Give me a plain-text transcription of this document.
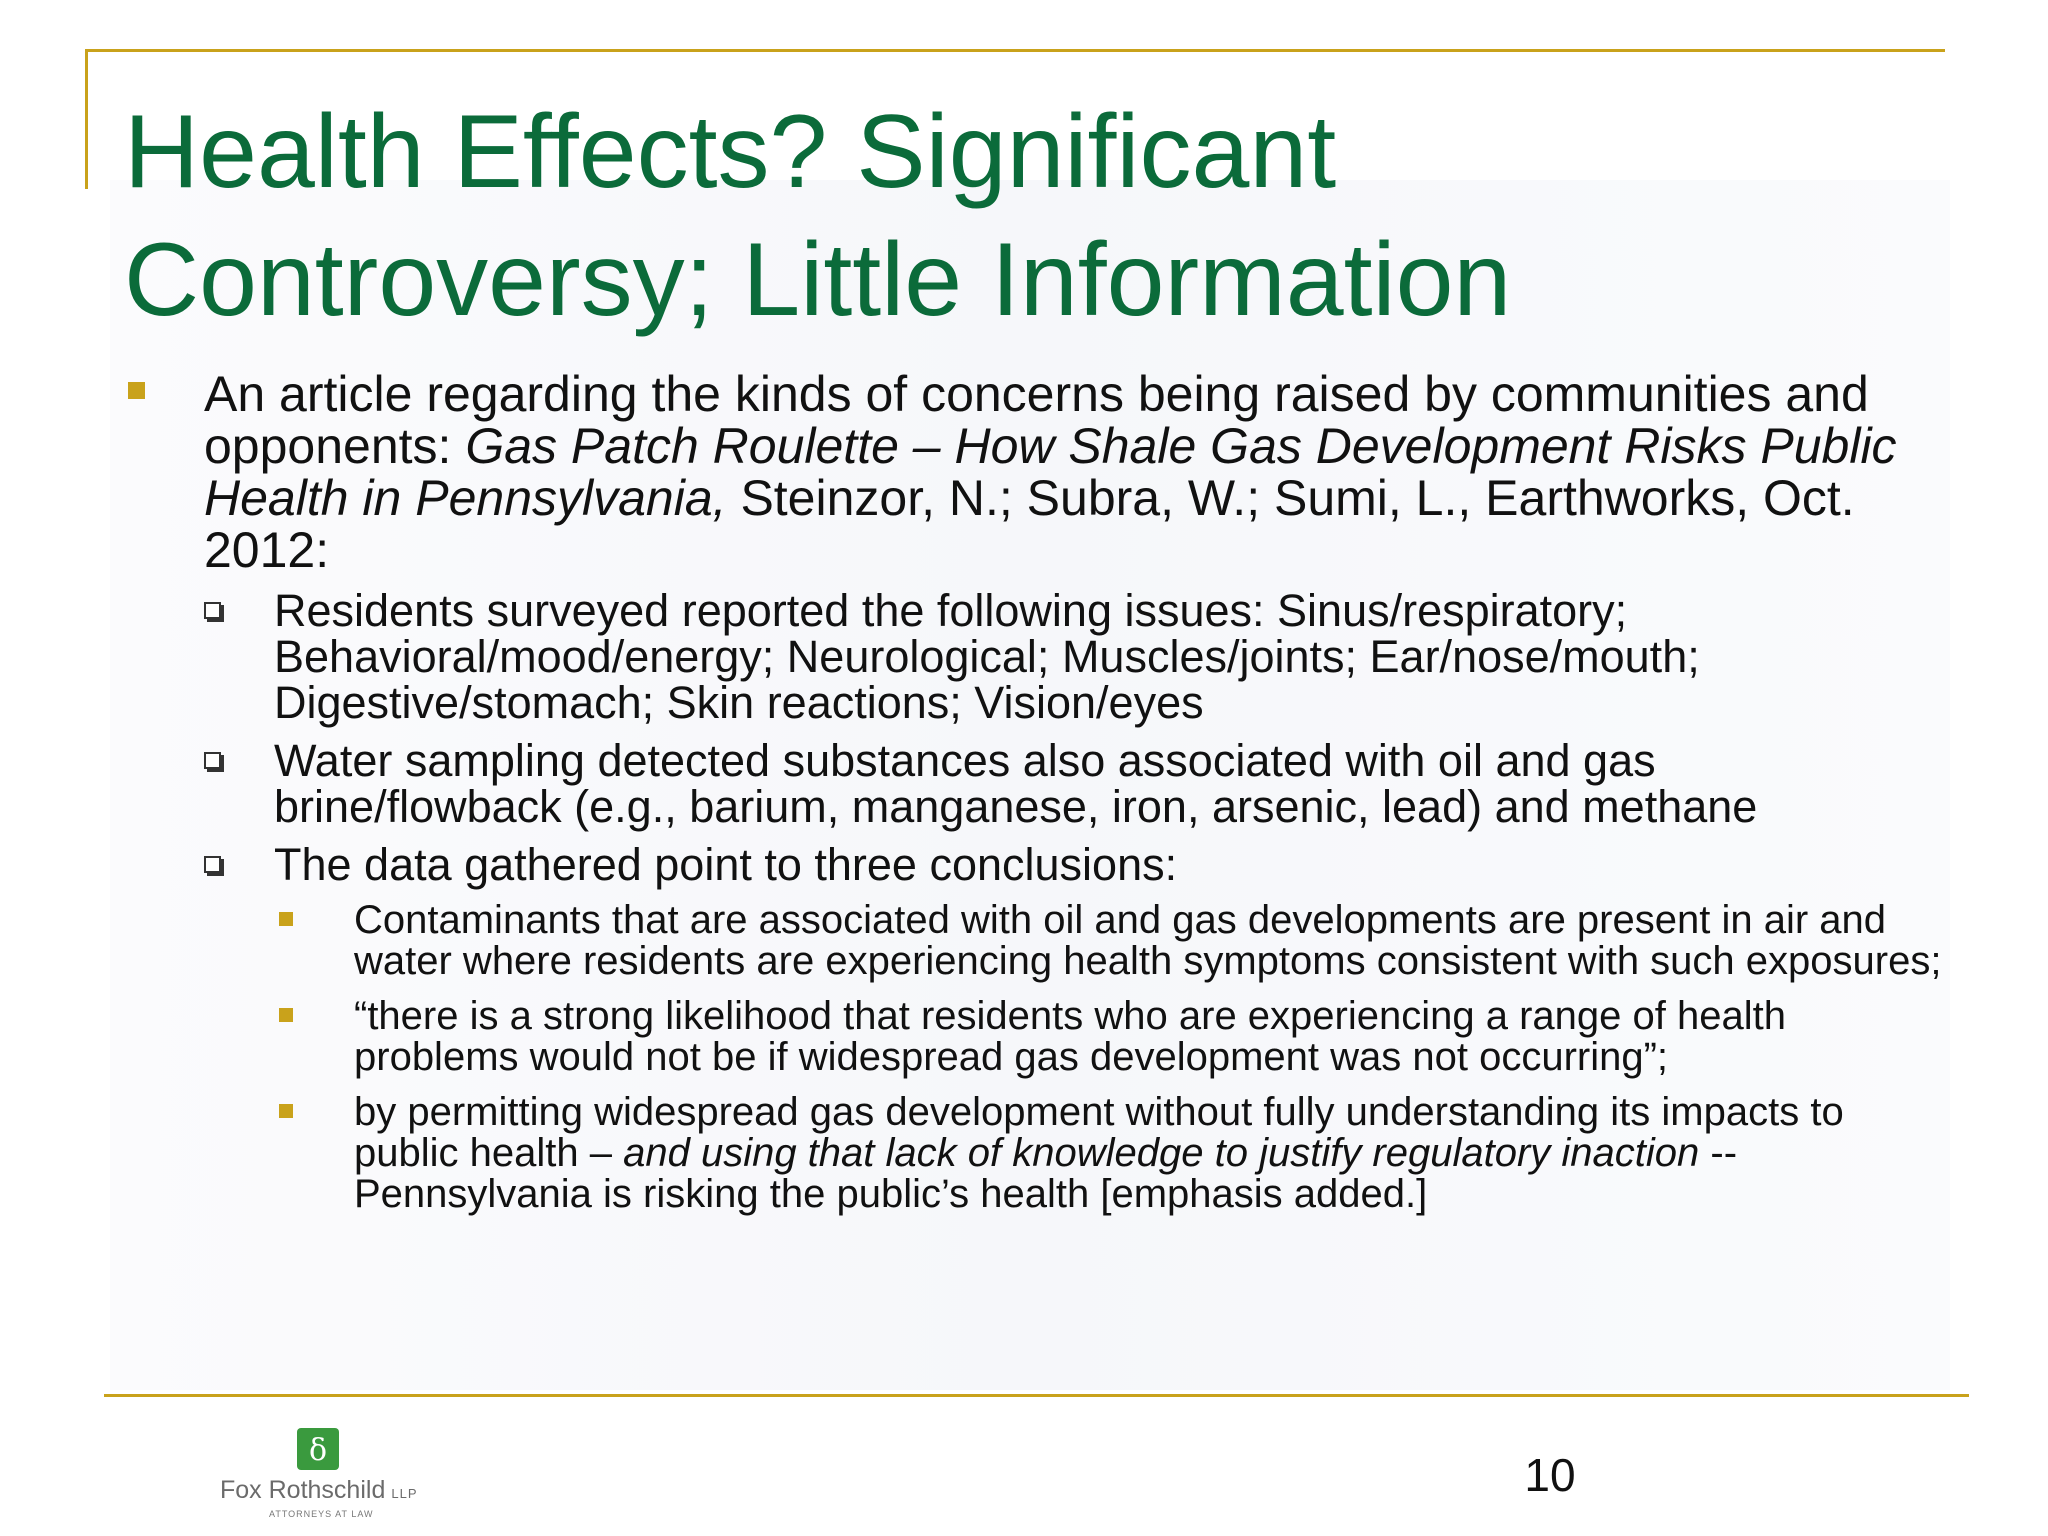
Health Effects? Significant
Controversy; Little Information

An article regarding the kinds of concerns being raised by communities and opponents: Gas Patch Roulette – How Shale Gas Development Risks Public Health in Pennsylvania, Steinzor, N.; Subra, W.; Sumi, L., Earthworks, Oct. 2012:

Residents surveyed reported the following issues: Sinus/respiratory; Behavioral/mood/energy; Neurological; Muscles/joints; Ear/nose/mouth; Digestive/stomach; Skin reactions; Vision/eyes

Water sampling detected substances also associated with oil and gas brine/flowback (e.g., barium, manganese, iron, arsenic, lead) and methane

The data gathered point to three conclusions:

Contaminants that are associated with oil and gas developments are present in air and water where residents are experiencing health symptoms consistent with such exposures;

“there is a strong likelihood that residents who are experiencing a range of health problems would not be if widespread gas development was not occurring”;

by permitting widespread gas development without fully understanding its impacts to public health – and using that lack of knowledge to justify regulatory inaction -- Pennsylvania is risking the public’s health [emphasis added.]

δ
Fox Rothschild LLP
ATTORNEYS AT LAW
10
